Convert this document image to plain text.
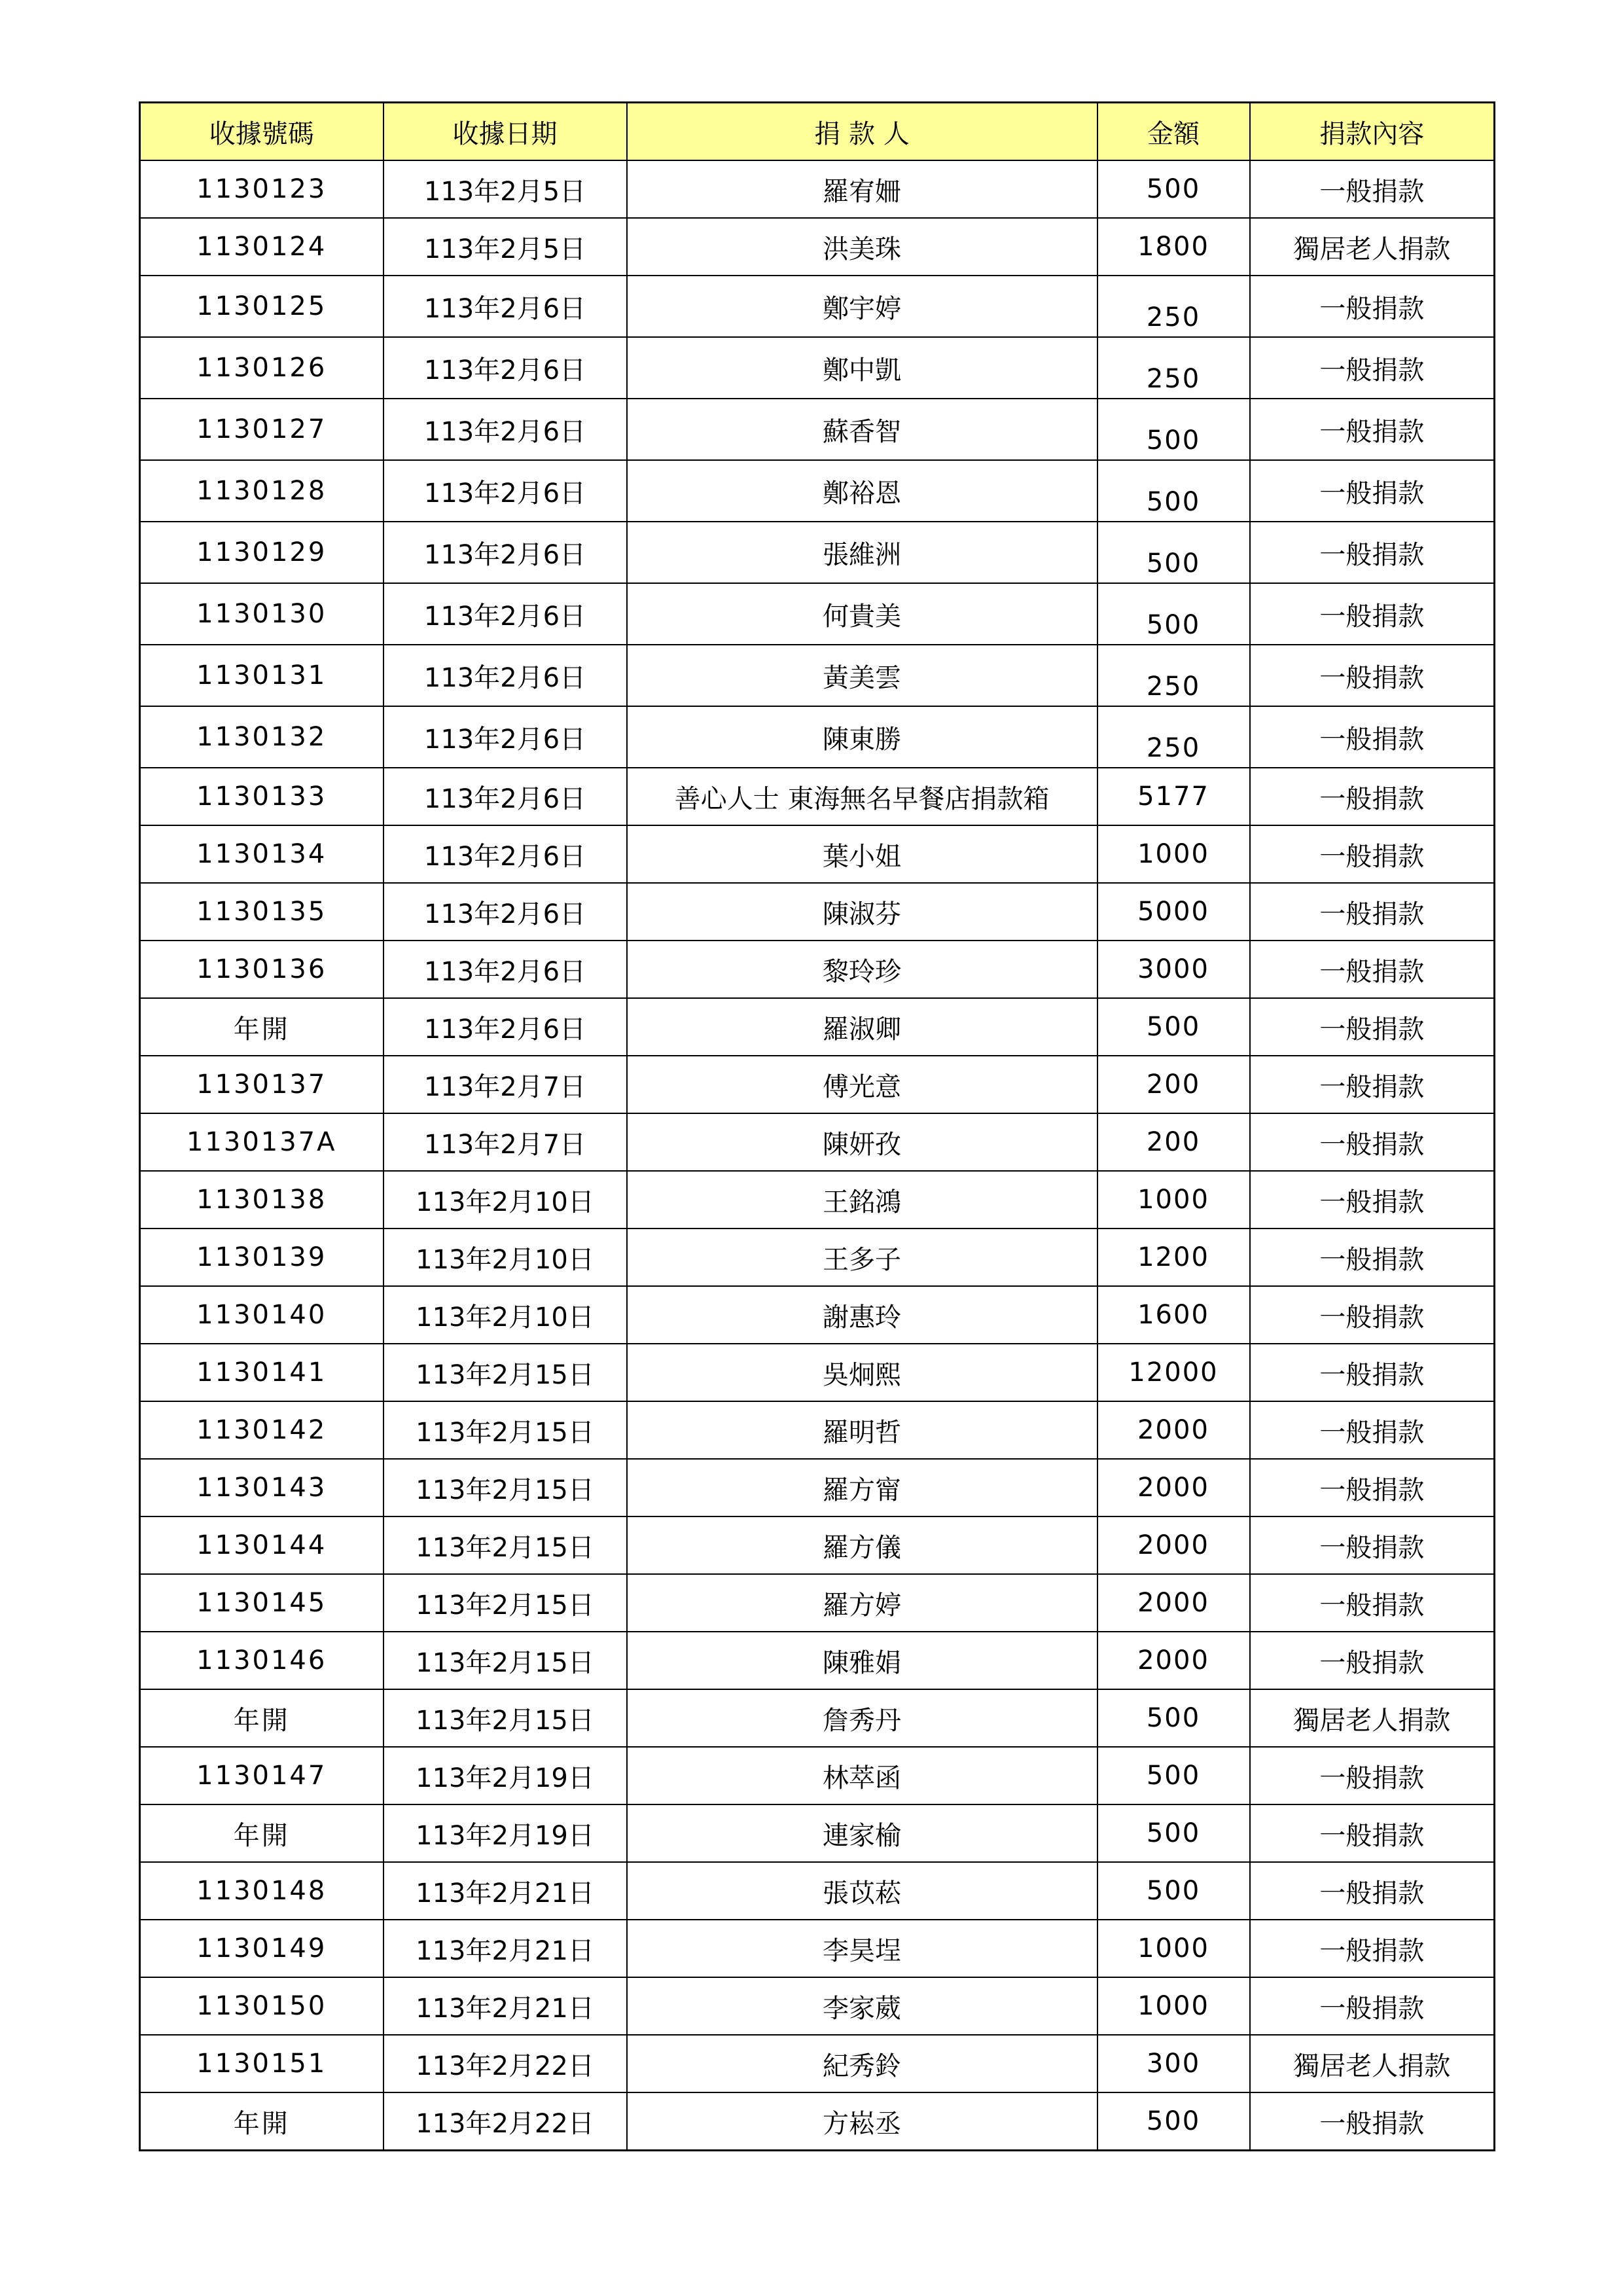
收據號碼	收據日期	捐 款 人	金額	捐款內容
1130123	113年2月5日	羅宥姍	500	一般捐款
1130124	113年2月5日	洪美珠	1800	獨居老人捐款
1130125	113年2月6日	鄭宇婷	250	一般捐款
1130126	113年2月6日	鄭中凱	250	一般捐款
1130127	113年2月6日	蘇香智	500	一般捐款
1130128	113年2月6日	鄭裕恩	500	一般捐款
1130129	113年2月6日	張維洲	500	一般捐款
1130130	113年2月6日	何貴美	500	一般捐款
1130131	113年2月6日	黃美雲	250	一般捐款
1130132	113年2月6日	陳東勝	250	一般捐款
1130133	113年2月6日	善心人士 東海無名早餐店捐款箱	5177	一般捐款
1130134	113年2月6日	葉小姐	1000	一般捐款
1130135	113年2月6日	陳淑芬	5000	一般捐款
1130136	113年2月6日	黎玲珍	3000	一般捐款
年開	113年2月6日	羅淑卿	500	一般捐款
1130137	113年2月7日	傅光意	200	一般捐款
1130137A	113年2月7日	陳妍孜	200	一般捐款
1130138	113年2月10日	王銘鴻	1000	一般捐款
1130139	113年2月10日	王多子	1200	一般捐款
1130140	113年2月10日	謝惠玲	1600	一般捐款
1130141	113年2月15日	吳炯熙	12000	一般捐款
1130142	113年2月15日	羅明哲	2000	一般捐款
1130143	113年2月15日	羅方甯	2000	一般捐款
1130144	113年2月15日	羅方儀	2000	一般捐款
1130145	113年2月15日	羅方婷	2000	一般捐款
1130146	113年2月15日	陳雅娟	2000	一般捐款
年開	113年2月15日	詹秀丹	500	獨居老人捐款
1130147	113年2月19日	林萃函	500	一般捐款
年開	113年2月19日	連家榆	500	一般捐款
1130148	113年2月21日	張苡菘	500	一般捐款
1130149	113年2月21日	李昊埕	1000	一般捐款
1130150	113年2月21日	李家葳	1000	一般捐款
1130151	113年2月22日	紀秀鈴	300	獨居老人捐款
年開	113年2月22日	方崧丞	500	一般捐款
